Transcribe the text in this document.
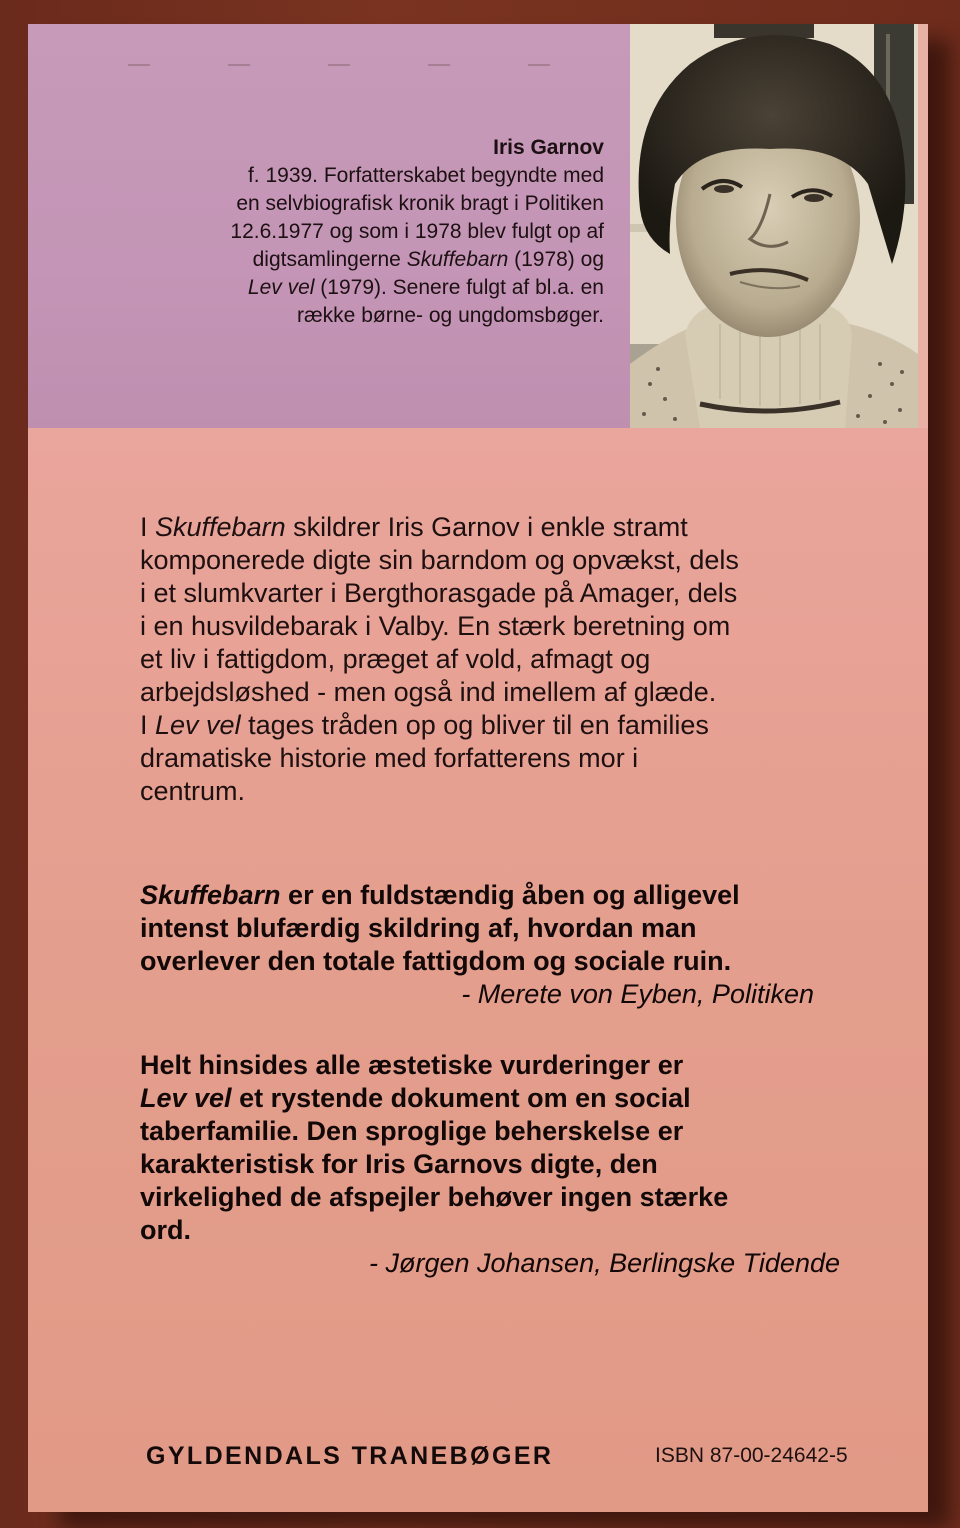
Iris Garnov
f. 1939. Forfatterskabet begyndte med
en selvbiografisk kronik bragt i Politiken
12.6.1977 og som i 1978 blev fulgt op af
digtsamlingerne Skuffebarn (1978) og
Lev vel (1979). Senere fulgt af bl.a. en
række børne- og ungdomsbøger.
I Skuffebarn skildrer Iris Garnov i enkle stramt
komponerede digte sin barndom og opvækst, dels
i et slumkvarter i Bergthorasgade på Amager, dels
i en husvildebarak i Valby. En stærk beretning om
et liv i fattigdom, præget af vold, afmagt og
arbejdsløshed - men også ind imellem af glæde.
I Lev vel tages tråden op og bliver til en families
dramatiske historie med forfatterens mor i
centrum.
Skuffebarn er en fuldstændig åben og alligevel
intenst blufærdig skildring af, hvordan man
overlever den totale fattigdom og sociale ruin.
- Merete von Eyben, Politiken
Helt hinsides alle æstetiske vurderinger er
Lev vel et rystende dokument om en social
taberfamilie. Den sproglige beherskelse er
karakteristisk for Iris Garnovs digte, den
virkelighed de afspejler behøver ingen stærke
ord.
- Jørgen Johansen, Berlingske Tidende
GYLDENDALS TRANEBØGER	ISBN 87-00-24642-5
